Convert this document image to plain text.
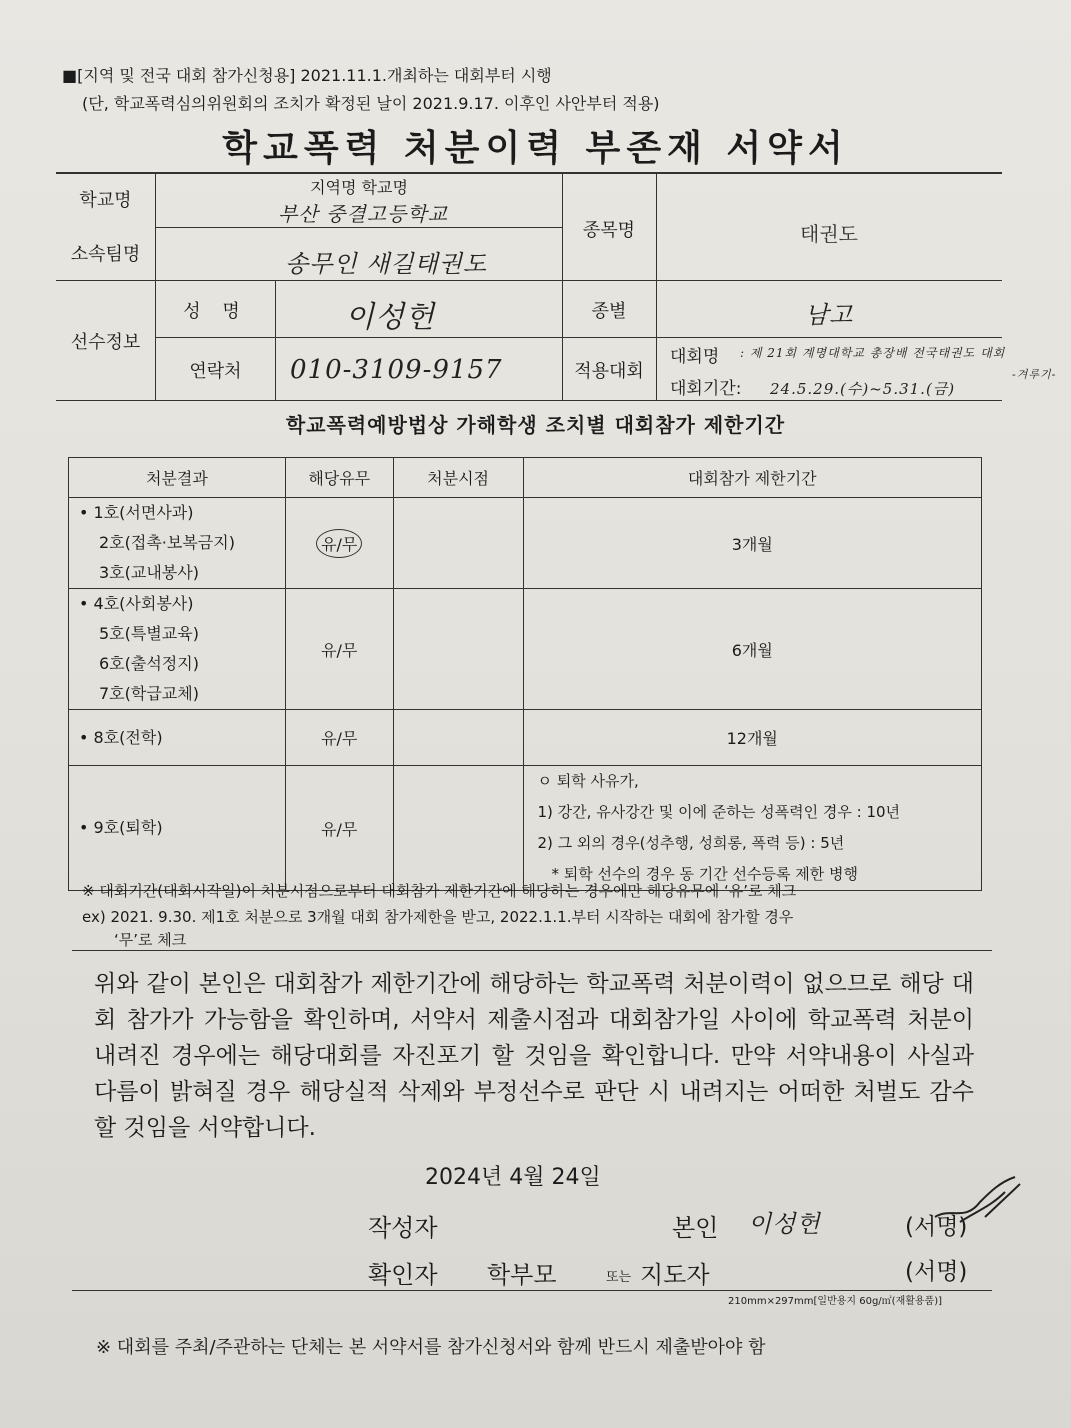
■[지역 및 전국 대회 참가신청용] 2021.11.1.개최하는 대회부터 시행
(단, 학교폭력심의위원회의 조치가 확정된 날이 2021.9.17. 이후인 사안부터 적용)
학교폭력 처분이력 부존재 서약서
학교명
지역명 학교명
부산 중결고등학교
소속팀명	송무인 새길태권도
종목명	태권도
선수정보
성 명	이성헌
연락처	010-3109-9157
종별	남고
적용대회
대회명 : 제 21회 계명대학교 총장배 전국태권도 대회
-겨루기-
대회기간: 24.5.29.(수)~5.31.(금)
학교폭력예방법상 가해학생 조치별 대회참가 제한기간
처분결과	해당유무	처분시점	대회참가 제한기간

• 1호(서면사과)
2호(접촉·보복금지)
3호(교내봉사)	유/무		3개월

• 4호(사회봉사)
5호(특별교육)
6호(출석정지)
7호(학급교체)	유/무		6개월

• 8호(전학)	유/무		12개월

• 9호(퇴학)	유/무		ㅇ 퇴학 사유가,
1) 강간, 유사강간 및 이에 준하는 성폭력인 경우 : 10년
2) 그 외의 경우(성추행, 성희롱, 폭력 등) : 5년
* 퇴학 선수의 경우 동 기간 선수등록 제한 병행
※ 대회기간(대회시작일)이 처분시점으로부터 대회참가 제한기간에 해당하는 경우에만 해당유무에 ‘유’로 체크
ex) 2021. 9.30. 제1호 처분으로 3개월 대회 참가제한을 받고, 2022.1.1.부터 시작하는 대회에 참가할 경우
‘무’로 체크
위와 같이 본인은 대회참가 제한기간에 해당하는 학교폭력 처분이력이 없으므로 해당 대회 참가가 가능함을 확인하며, 서약서 제출시점과 대회참가일 사이에 학교폭력 처분이 내려진 경우에는 해당대회를 자진포기 할 것임을 확인합니다. 만약 서약내용이 사실과 다름이 밝혀질 경우 해당실적 삭제와 부정선수로 판단 시 내려지는 어떠한 처벌도 감수할 것임을 서약합니다.
2024년 4월 24일
작성자	본인 이성헌	(서명)
확인자 학부모	또는 지도자	(서명)
210mm×297mm[일반용지 60g/㎡(재활용품)]
※ 대회를 주최/주관하는 단체는 본 서약서를 참가신청서와 함께 반드시 제출받아야 함
